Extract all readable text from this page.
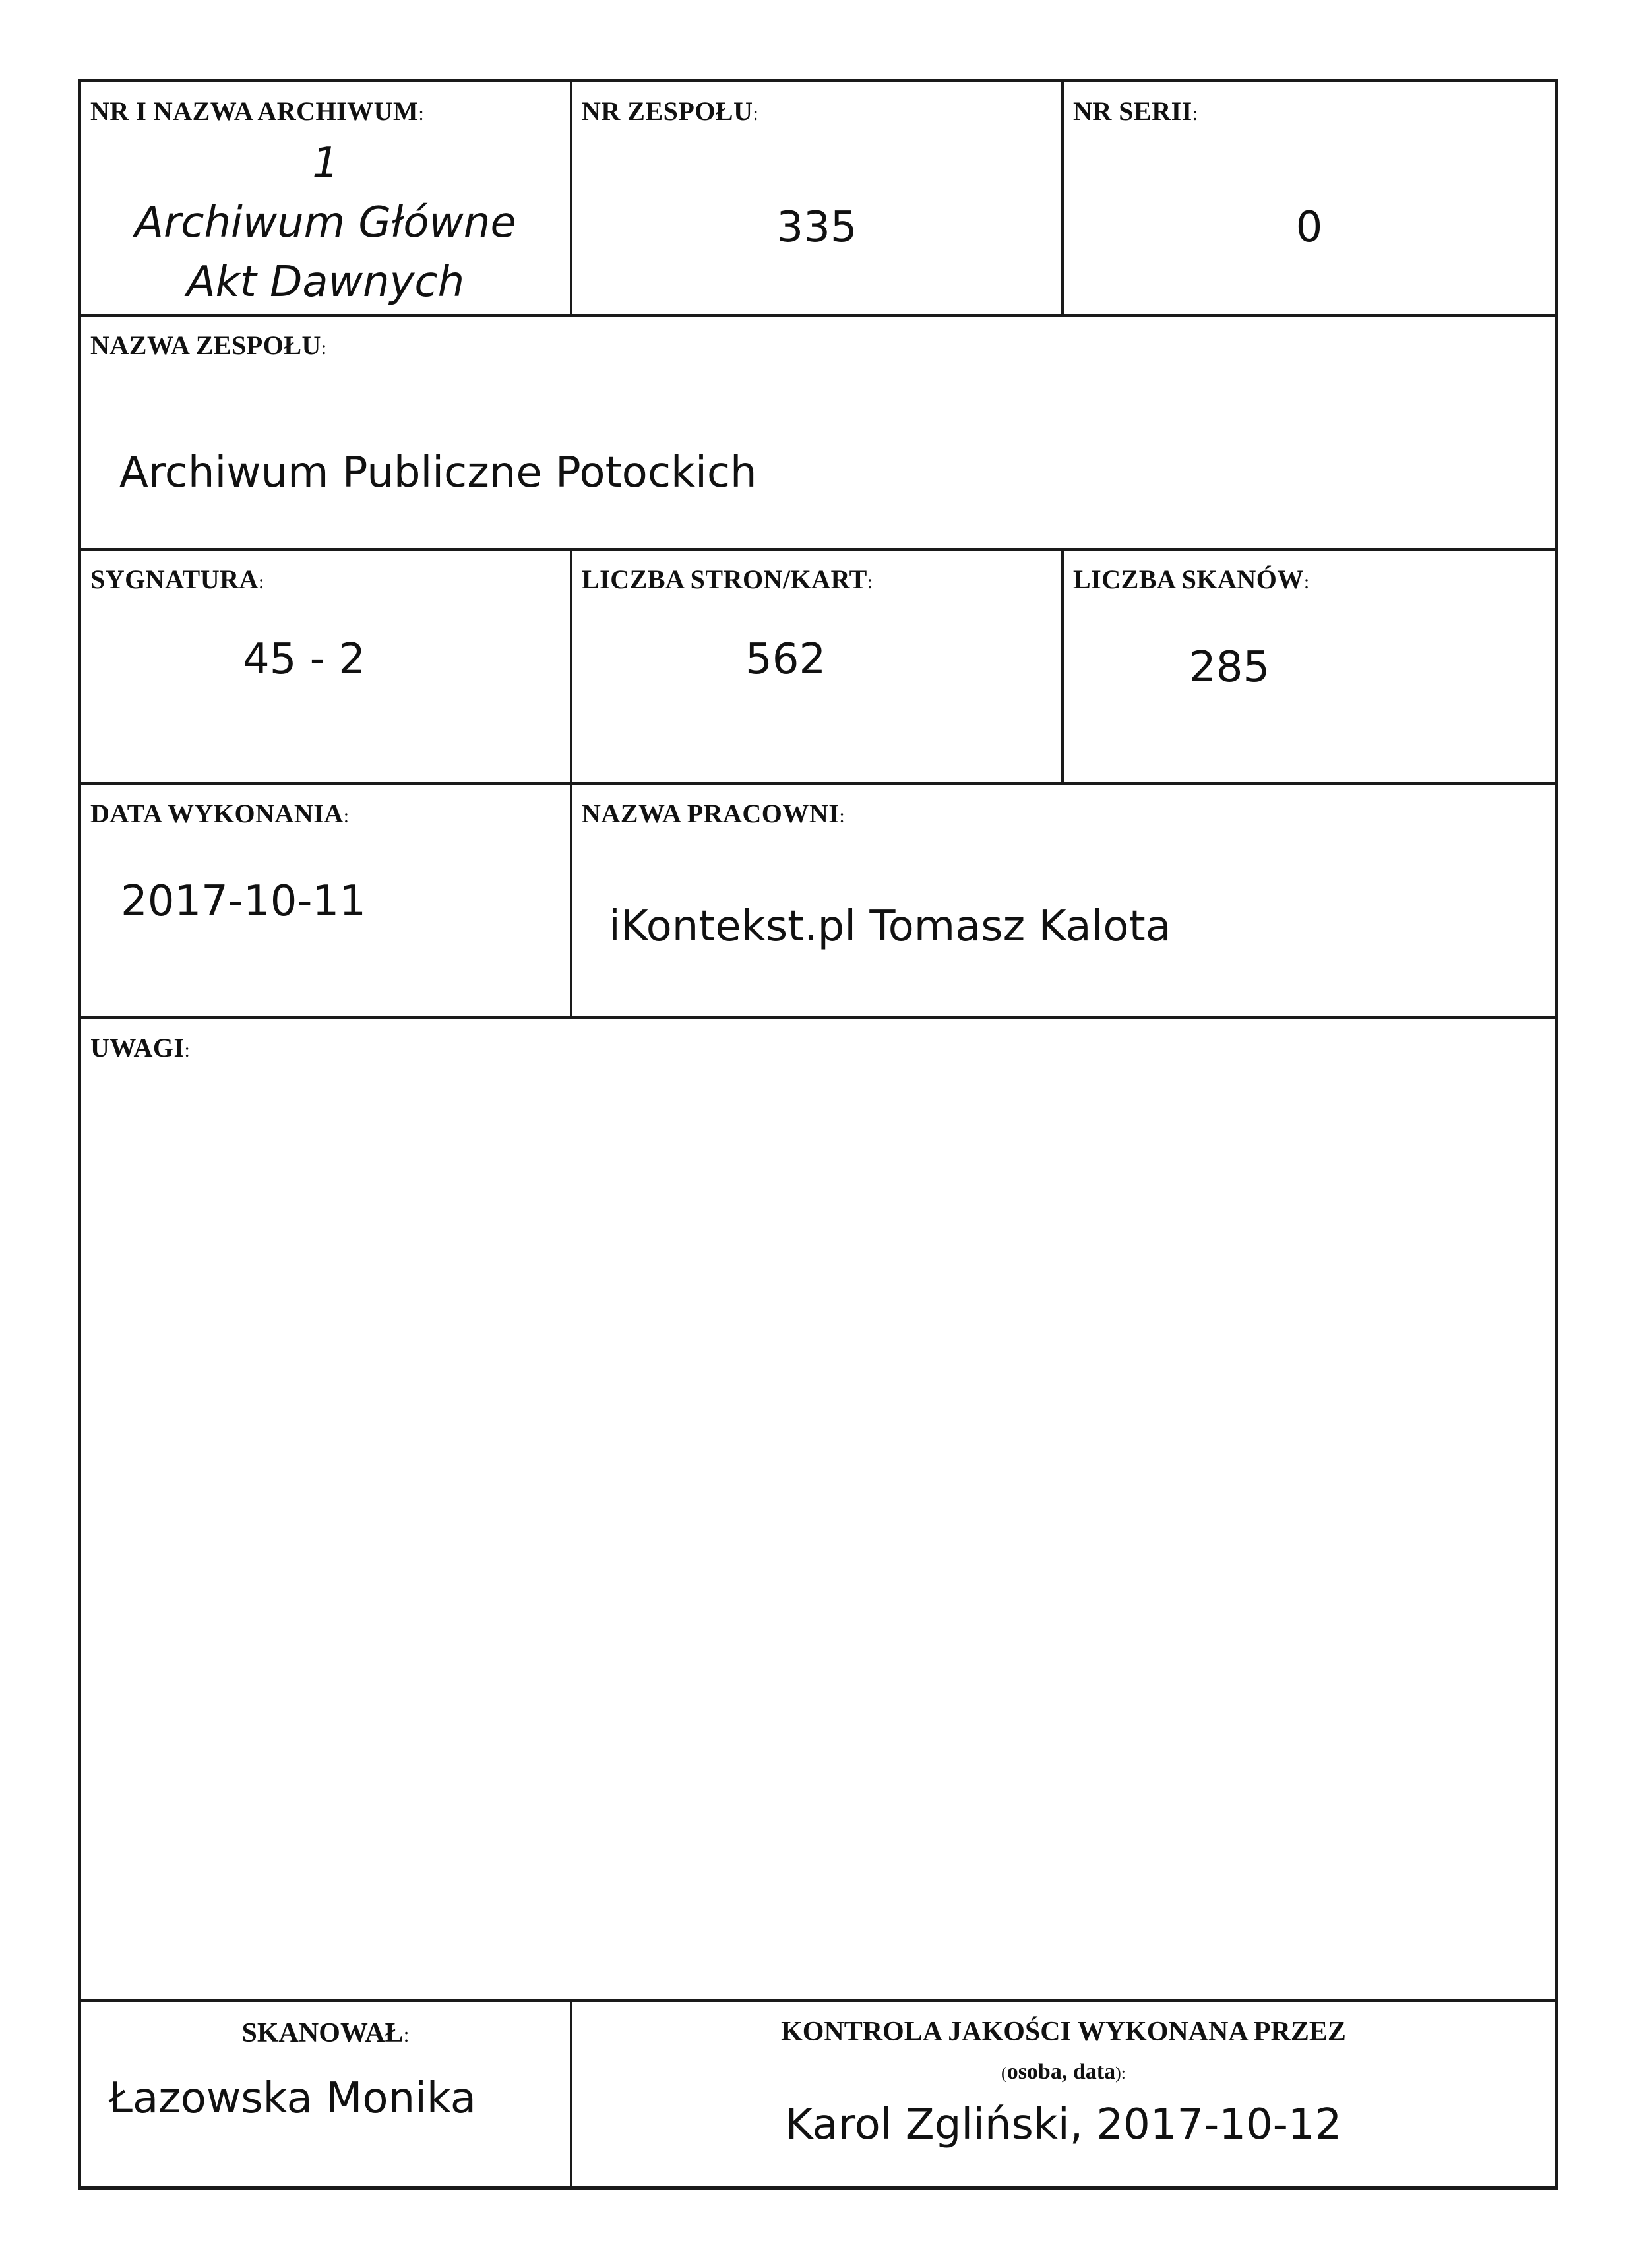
NR I NAZWA ARCHIWUM:
1
Archiwum Główne
Akt Dawnych
NR ZESPOŁU:
335
NR SERII:
0
NAZWA ZESPOŁU:
Archiwum Publiczne Potockich
SYGNATURA:
45 - 2
LICZBA STRON/KART:
562
LICZBA SKANÓW:
285
DATA WYKONANIA:
2017-10-11
NAZWA PRACOWNI:
iKontekst.pl Tomasz Kalota
UWAGI:
SKANOWAŁ:
Łazowska Monika
KONTROLA JAKOŚCI WYKONANA PRZEZ
(osoba, data):
Karol Zgliński, 2017-10-12
